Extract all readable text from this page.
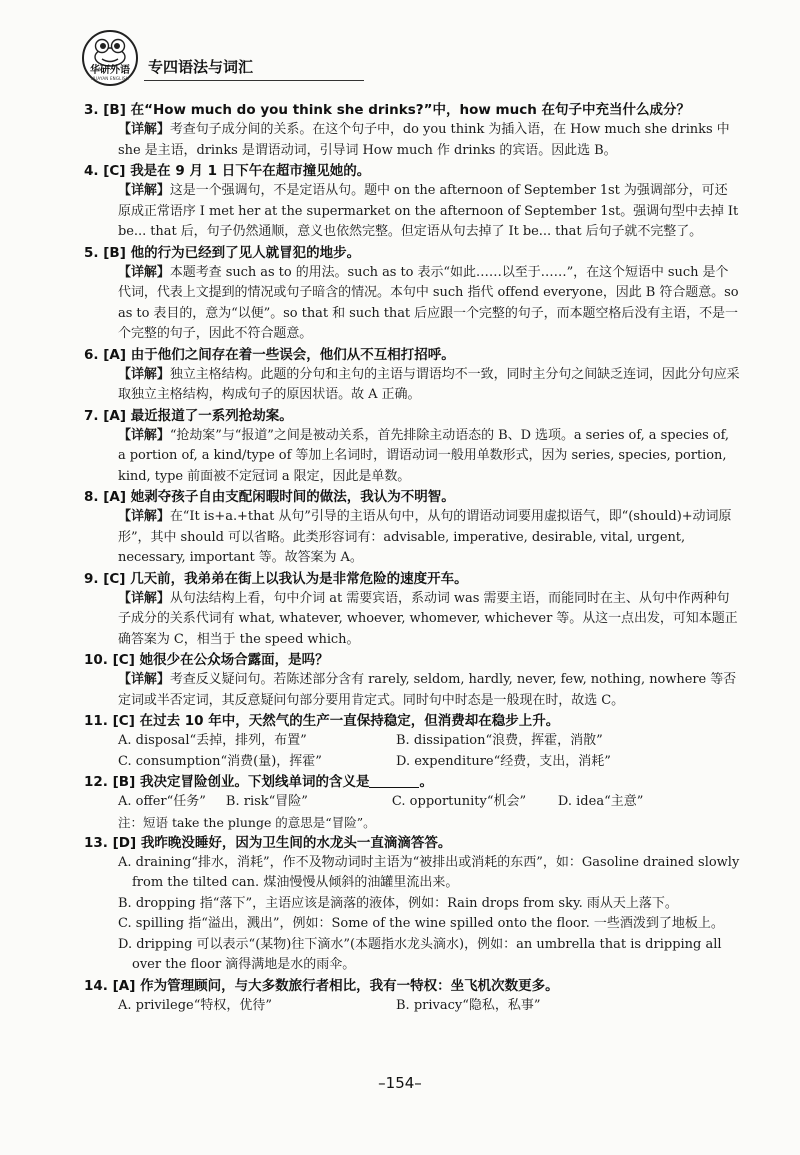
华研外语
HUAYAN ENGLISH
专四语法与词汇
3. [B] 在“How much do you think she drinks?”中，how much 在句子中充当什么成分？
【详解】考查句子成分间的关系。在这个句子中，do you think 为插入语，在 How much she drinks 中 she 是主语，drinks 是谓语动词，引导词 How much 作 drinks 的宾语。因此选 B。
4. [C] 我是在 9 月 1 日下午在超市撞见她的。
【详解】这是一个强调句，不是定语从句。题中 on the afternoon of September 1st 为强调部分，可还原成正常语序 I met her at the supermarket on the afternoon of September 1st。强调句型中去掉 It be... that 后，句子仍然通顺，意义也依然完整。但定语从句去掉了 It be... that 后句子就不完整了。
5. [B] 他的行为已经到了见人就冒犯的地步。
【详解】本题考查 such as to 的用法。such as to 表示“如此……以至于……”，在这个短语中 such 是个代词，代表上文提到的情况或句子暗含的情况。本句中 such 指代 offend everyone，因此 B 符合题意。so as to 表目的，意为“以便”。so that 和 such that 后应跟一个完整的句子，而本题空格后没有主语，不是一个完整的句子，因此不符合题意。
6. [A] 由于他们之间存在着一些误会，他们从不互相打招呼。
【详解】独立主格结构。此题的分句和主句的主语与谓语均不一致，同时主分句之间缺乏连词，因此分句应采取独立主格结构，构成句子的原因状语。故 A 正确。
7. [A] 最近报道了一系列抢劫案。
【详解】“抢劫案”与“报道”之间是被动关系，首先排除主动语态的 B、D 选项。a series of, a species of, a portion of, a kind/type of 等加上名词时，谓语动词一般用单数形式，因为 series, species, portion, kind, type 前面被不定冠词 a 限定，因此是单数。
8. [A] 她剥夺孩子自由支配闲暇时间的做法，我认为不明智。
【详解】在“It is+a.+that 从句”引导的主语从句中，从句的谓语动词要用虚拟语气，即“(should)+动词原形”，其中 should 可以省略。此类形容词有：advisable, imperative, desirable, vital, urgent, necessary, important 等。故答案为 A。
9. [C] 几天前，我弟弟在街上以我认为是非常危险的速度开车。
【详解】从句法结构上看，句中介词 at 需要宾语，系动词 was 需要主语，而能同时在主、从句中作两种句子成分的关系代词有 what, whatever, whoever, whomever, whichever 等。从这一点出发，可知本题正确答案为 C，相当于 the speed which。
10. [C] 她很少在公众场合露面，是吗？
【详解】考查反义疑问句。若陈述部分含有 rarely, seldom, hardly, never, few, nothing, nowhere 等否定词或半否定词，其反意疑问句部分要用肯定式。同时句中时态是一般现在时，故选 C。
11. [C] 在过去 10 年中，天然气的生产一直保持稳定，但消费却在稳步上升。
A. disposal“丢掉，排列，布置”	B. dissipation“浪费，挥霍，消散”
C. consumption“消费(量)，挥霍”	D. expenditure“经费，支出，消耗”
12. [B] 我决定冒险创业。下划线单词的含义是	。
A. offer“任务” B. risk“冒险”	C. opportunity“机会”	D. idea“主意”
注：短语 take the plunge 的意思是“冒险”。
13. [D] 我昨晚没睡好，因为卫生间的水龙头一直滴滴答答。
A. draining“排水，消耗”，作不及物动词时主语为“被排出或消耗的东西”，如：Gasoline drained slowly from the tilted can. 煤油慢慢从倾斜的油罐里流出来。
B. dropping 指“落下”，主语应该是滴落的液体，例如：Rain drops from sky. 雨从天上落下。
C. spilling 指“溢出，溅出”，例如：Some of the wine spilled onto the floor. 一些酒泼到了地板上。
D. dripping 可以表示“(某物)往下滴水”(本题指水龙头滴水)，例如：an umbrella that is dripping all over the floor 滴得满地是水的雨伞。
14. [A] 作为管理顾问，与大多数旅行者相比，我有一特权：坐飞机次数更多。
A. privilege“特权，优待”	B. privacy“隐私，私事”
–154–
